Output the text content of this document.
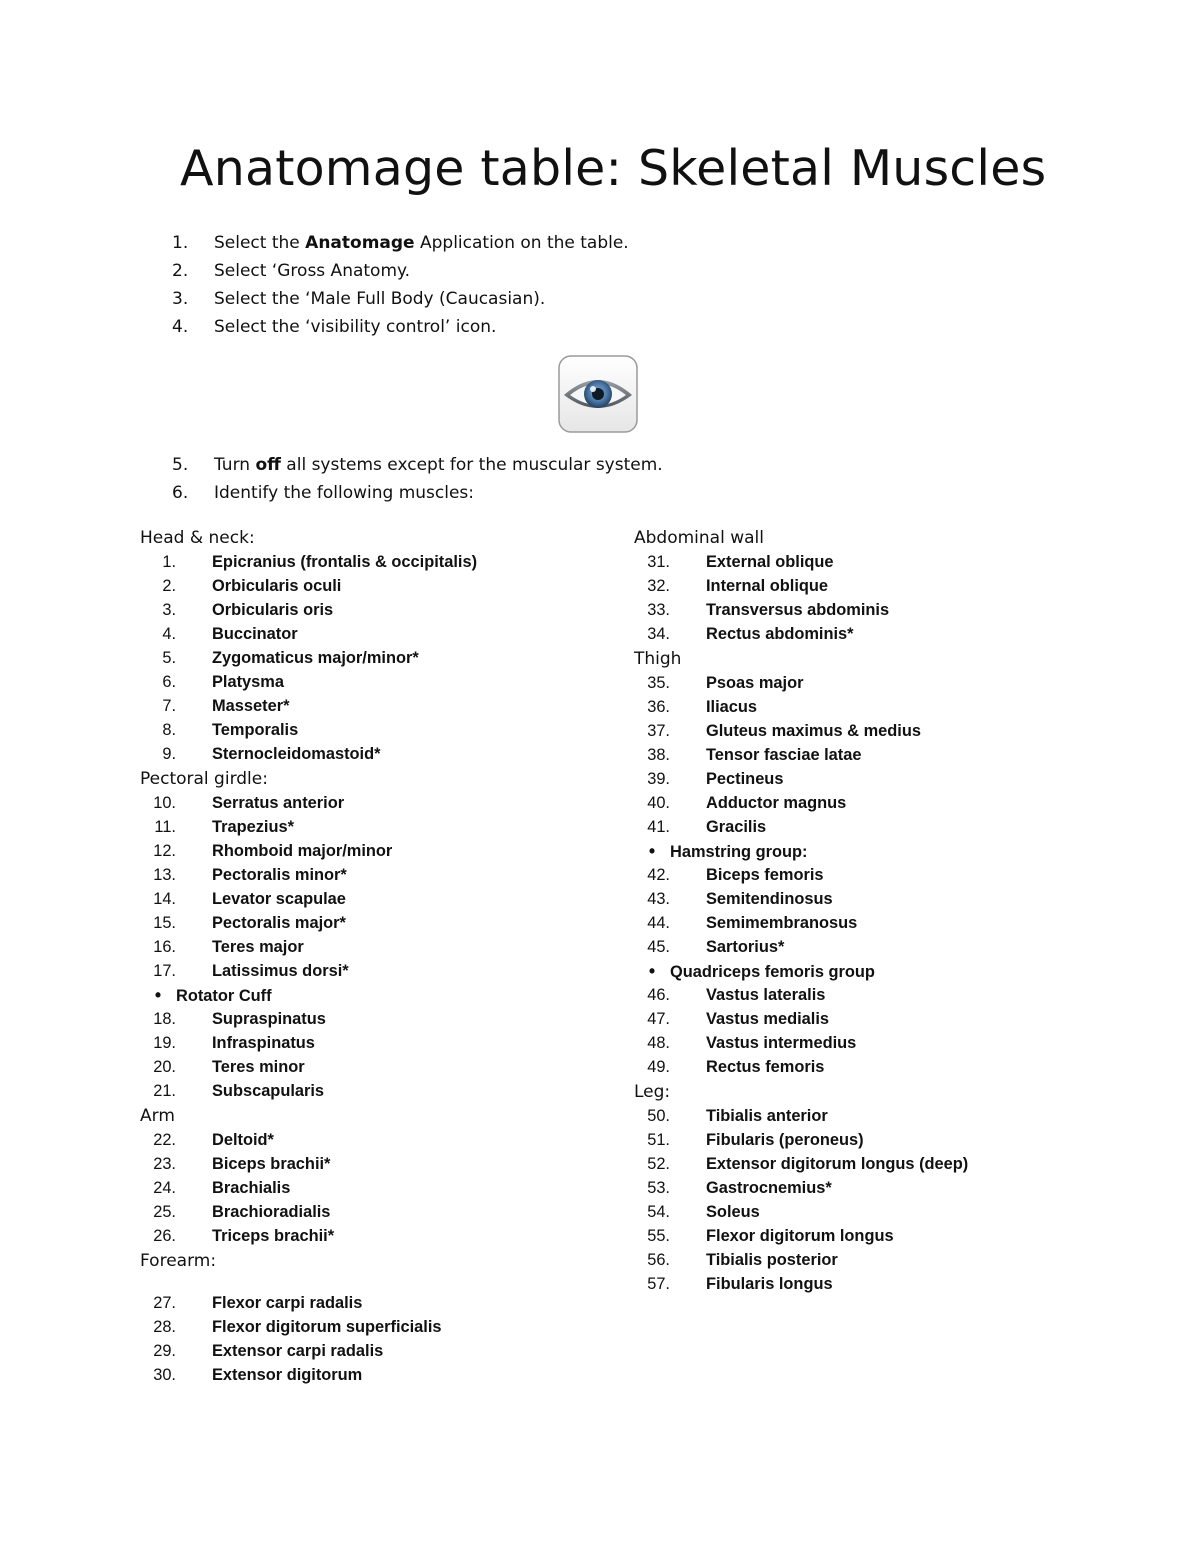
Anatomage table: Skeletal Muscles
1. Select the Anatomage Application on the table.
2. Select ‘Gross Anatomy.
3. Select the ‘Male Full Body (Caucasian).
4. Select the ‘visibility control’ icon.
5. Turn off all systems except for the muscular system.
6. Identify the following muscles:
Head & neck:
1. Epicranius (frontalis & occipitalis)
2. Orbicularis oculi
3. Orbicularis oris
4. Buccinator
5. Zygomaticus major/minor*
6. Platysma
7. Masseter*
8. Temporalis
9. Sternocleidomastoid*
Pectoral girdle:
10. Serratus anterior
11. Trapezius*
12. Rhomboid major/minor
13. Pectoralis minor*
14. Levator scapulae
15. Pectoralis major*
16. Teres major
17. Latissimus dorsi*
• Rotator Cuff
18. Supraspinatus
19. Infraspinatus
20. Teres minor
21. Subscapularis
Arm
22. Deltoid*
23. Biceps brachii*
24. Brachialis
25. Brachioradialis
26. Triceps brachii*
Forearm:
27. Flexor carpi radalis
28. Flexor digitorum superficialis
29. Extensor carpi radalis
30. Extensor digitorum
Abdominal wall
31. External oblique
32. Internal oblique
33. Transversus abdominis
34. Rectus abdominis*
Thigh
35. Psoas major
36. Iliacus
37. Gluteus maximus & medius
38. Tensor fasciae latae
39. Pectineus
40. Adductor magnus
41. Gracilis
• Hamstring group:
42. Biceps femoris
43. Semitendinosus
44. Semimembranosus
45. Sartorius*
• Quadriceps femoris group
46. Vastus lateralis
47. Vastus medialis
48. Vastus intermedius
49. Rectus femoris
Leg:
50. Tibialis anterior
51. Fibularis (peroneus)
52. Extensor digitorum longus (deep)
53. Gastrocnemius*
54. Soleus
55. Flexor digitorum longus
56. Tibialis posterior
57. Fibularis longus
